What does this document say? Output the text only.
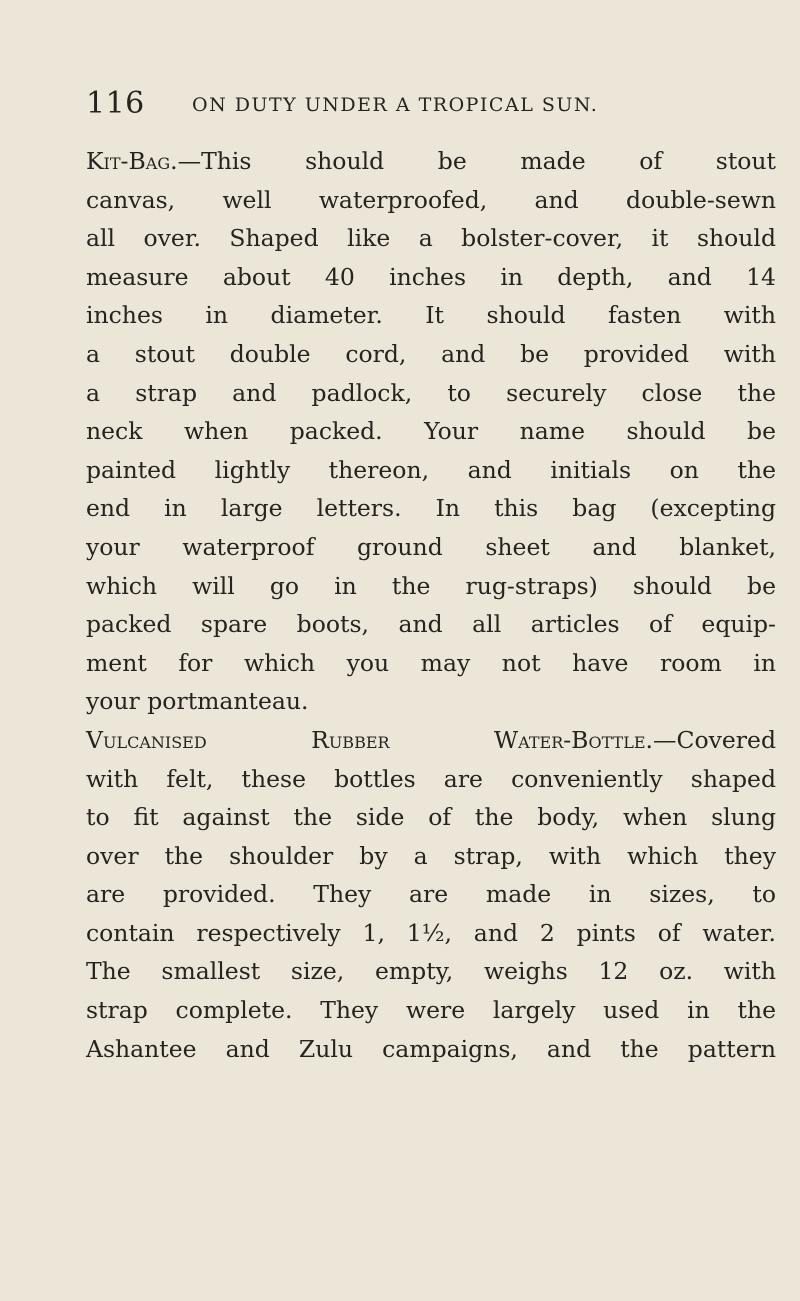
116 ON DUTY UNDER A TROPICAL SUN.
Kit-Bag.—This should be made of stout
canvas, well waterproofed, and double-sewn
all over. Shaped like a bolster-cover, it should
measure about 40 inches in depth, and 14
inches in diameter. It should fasten with
a stout double cord, and be provided with
a strap and padlock, to securely close the
neck when packed. Your name should be
painted lightly thereon, and initials on the
end in large letters. In this bag (excepting
your waterproof ground sheet and blanket,
which will go in the rug-straps) should be
packed spare boots, and all articles of equip-
ment for which you may not have room in
your portmanteau.
Vulcanised Rubber Water-Bottle.—Covered
with felt, these bottles are conveniently shaped
to fit against the side of the body, when slung
over the shoulder by a strap, with which they
are provided. They are made in sizes, to
contain respectively 1, 1½, and 2 pints of water.
The smallest size, empty, weighs 12 oz. with
strap complete. They were largely used in the
Ashantee and Zulu campaigns, and the pattern
